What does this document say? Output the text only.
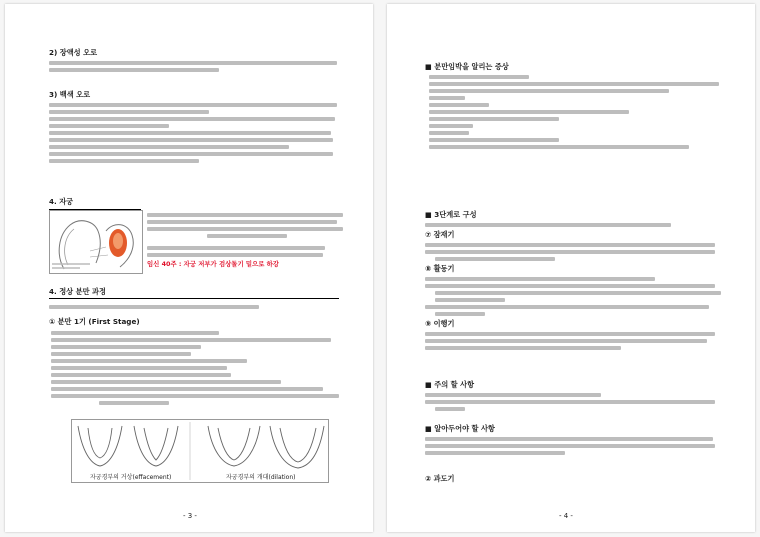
2) 장액성 오로
3) 백색 오로
4. 자궁
임신 40주 : 자궁 저부가 검상돌기 밑으로 하강
4. 정상 분만 과정
① 분만 1기 (First Stage)
자궁경부의 거상(effacement)	자궁경부의 개대(dilation)
- 3 -
■ 분만임박을 알리는 증상
■ 3단계로 구성
⑦ 잠재기
⑧ 활동기
⑨ 이행기
■ 주의 할 사항
■ 알아두어야 할 사항
② 과도기
- 4 -
